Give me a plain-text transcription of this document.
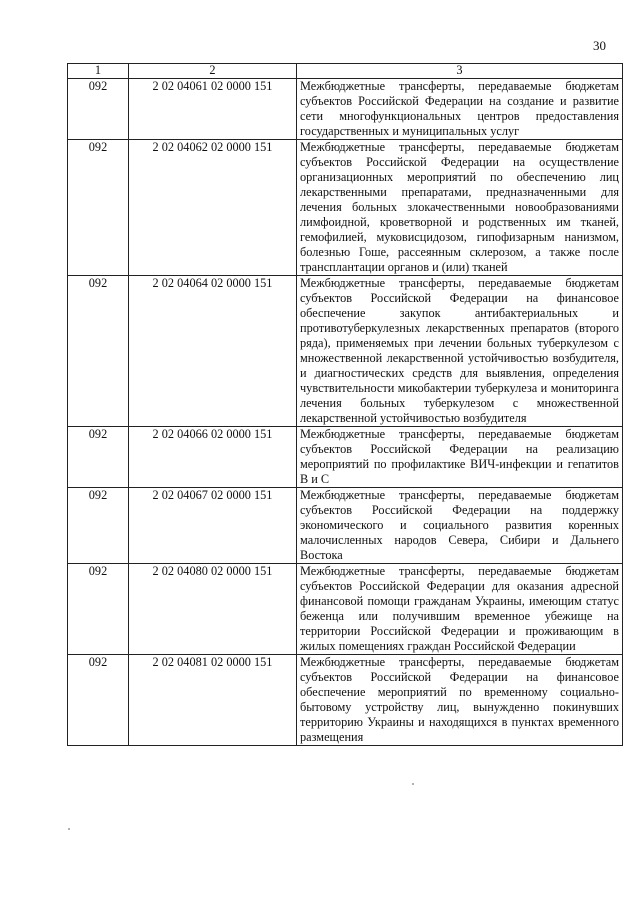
30
1	2	3
092	2 02 04061 02 0000 151	Межбюджетные трансферты, передаваемые бюджетам субъектов Российской Федерации на создание и развитие сети многофункциональных центров предоставления государственных и муниципальных услуг
092	2 02 04062 02 0000 151	Межбюджетные трансферты, передаваемые бюджетам субъектов Российской Федерации на осуществление организационных мероприятий по обеспечению лиц лекарственными препаратами, предназначенными для лечения больных злокачественными новообразованиями лимфоидной, кроветворной и родственных им тканей, гемофилией, муковисцидозом, гипофизарным нанизмом, болезнью Гоше, рассеянным склерозом, а также после трансплантации органов и (или) тканей
092	2 02 04064 02 0000 151	Межбюджетные трансферты, передаваемые бюджетам субъектов Российской Федерации на финансовое обеспечение закупок антибактериальных и противотуберкулезных лекарственных препаратов (второго ряда), применяемых при лечении больных туберкулезом с множественной лекарственной устойчивостью возбудителя, и диагностических средств для выявления, определения чувствительности микобактерии туберкулеза и мониторинга лечения больных туберкулезом с множественной лекарственной устойчивостью возбудителя
092	2 02 04066 02 0000 151	Межбюджетные трансферты, передаваемые бюджетам субъектов Российской Федерации на реализацию мероприятий по профилактике ВИЧ-инфекции и гепатитов В и С
092	2 02 04067 02 0000 151	Межбюджетные трансферты, передаваемые бюджетам субъектов Российской Федерации на поддержку экономического и социального развития коренных малочисленных народов Севера, Сибири и Дальнего Востока
092	2 02 04080 02 0000 151	Межбюджетные трансферты, передаваемые бюджетам субъектов Российской Федерации для оказания адресной финансовой помощи гражданам Украины, имеющим статус беженца или получившим временное убежище на территории Российской Федерации и проживающим в жилых помещениях граждан Российской Федерации
092	2 02 04081 02 0000 151	Межбюджетные трансферты, передаваемые бюджетам субъектов Российской Федерации на финансовое обеспечение мероприятий по временному социально-бытовому устройству лиц, вынужденно покинувших территорию Украины и находящихся в пунктах временного размещения
